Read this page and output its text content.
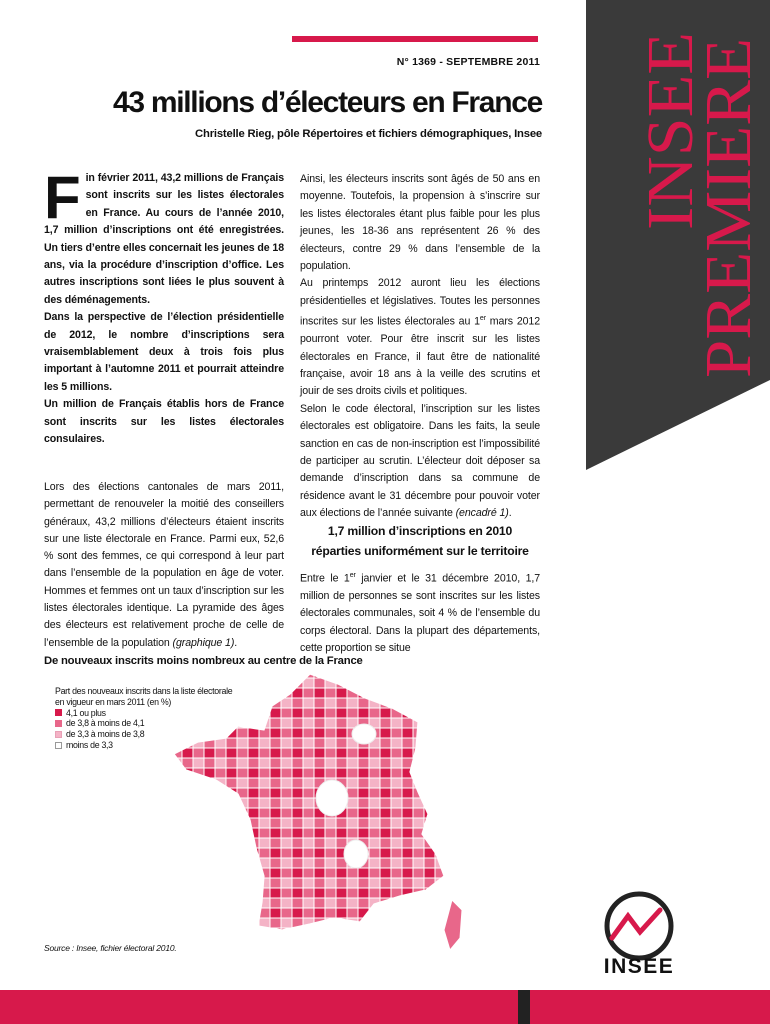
N° 1369 - SEPTEMBRE 2011
43 millions d’électeurs en France
Christelle Rieg, pôle Répertoires et fichiers démographiques, Insee INSEE
PREMIERE
F in février 2011, 43,2 millions de Français sont inscrits sur les listes électorales en France. Au cours de l’année 2010, 1,7 million d’inscriptions ont été enregistrées. Un tiers d’entre elles concernait les jeunes de 18 ans, via la procédure d’inscription d’office. Les autres inscriptions sont liées le plus souvent à des déménagements.

Dans la perspective de l’élection présidentielle de 2012, le nombre d’inscriptions sera vraisemblablement deux à trois fois plus important à l’automne 2011 et pourrait atteindre les 5 millions.

Un million de Français établis hors de France sont inscrits sur les listes électorales consulaires.

Lors des élections cantonales de mars 2011, permettant de renouveler la moitié des conseillers généraux, 43,2 millions d’électeurs étaient inscrits sur une liste électorale en France. Parmi eux, 52,6 % sont des femmes, ce qui correspond à leur part dans l’ensemble de la population en âge de voter. Hommes et femmes ont un taux d’inscription sur les listes électorales identique. La pyramide des âges des électeurs est relativement proche de celle de l’ensemble de la population (graphique 1).

Ainsi, les électeurs inscrits sont âgés de 50 ans en moyenne. Toutefois, la propension à s’inscrire sur les listes électorales étant plus faible pour les plus jeunes, les 18-36 ans représentent 26 % des électeurs, contre 29 % dans l’ensemble de la population.

Au printemps 2012 auront lieu les élections présidentielles et législatives. Toutes les personnes inscrites sur les listes électorales au 1er mars 2012 pourront voter. Pour être inscrit sur les listes électorales en France, il faut être de nationalité française, avoir 18 ans à la veille des scrutins et jouir de ses droits civils et politiques.

Selon le code électoral, l’inscription sur les listes électorales est obligatoire. Dans les faits, la seule sanction en cas de non-inscription est l’impossibilité de participer au scrutin. L’électeur doit déposer sa demande d’inscription dans sa commune de résidence avant le 31 décembre pour pouvoir voter aux élections de l’année suivante (encadré 1).

1,7 million d’inscriptions en 2010
réparties uniformément sur le territoire

Entre le 1er janvier et le 31 décembre 2010, 1,7 million de personnes se sont inscrites sur les listes électorales communales, soit 4 % de l’ensemble du corps électoral. Dans la plupart des départements, cette proportion se situe

De nouveaux inscrits moins nombreux au centre de la France
Part des nouveaux inscrits dans la liste électorale
en vigueur en mars 2011 (en %)
4,1 ou plus
de 3,8 à moins de 4,1
de 3,3 à moins de 3,8
moins de 3,3
Source : Insee, fichier électoral 2010.
INSEE
